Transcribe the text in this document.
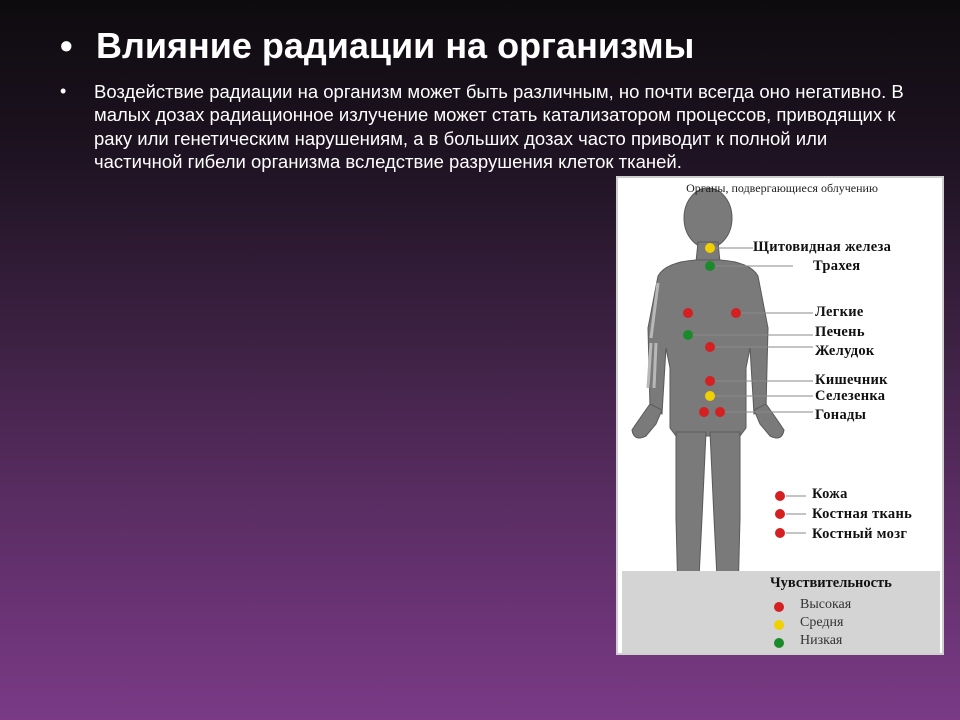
• Влияние радиации на организмы
• Воздействие радиации на организм может быть различным, но почти всегда оно негативно. В малых дозах радиационное излучение может стать катализатором процессов, приводящих к раку или генетическим нарушениям, а в больших дозах часто приводит к полной или частичной гибели организма вследствие разрушения клеток тканей.
Органы, подвергающиеся облучению
Щитовидная железа
Трахея
Легкие
Печень
Желудок
Кишечник
Селезенка
Гонады
Кожа
Костная ткань
Костный мозг
Чувствительность
Высокая
Средня
Низкая
